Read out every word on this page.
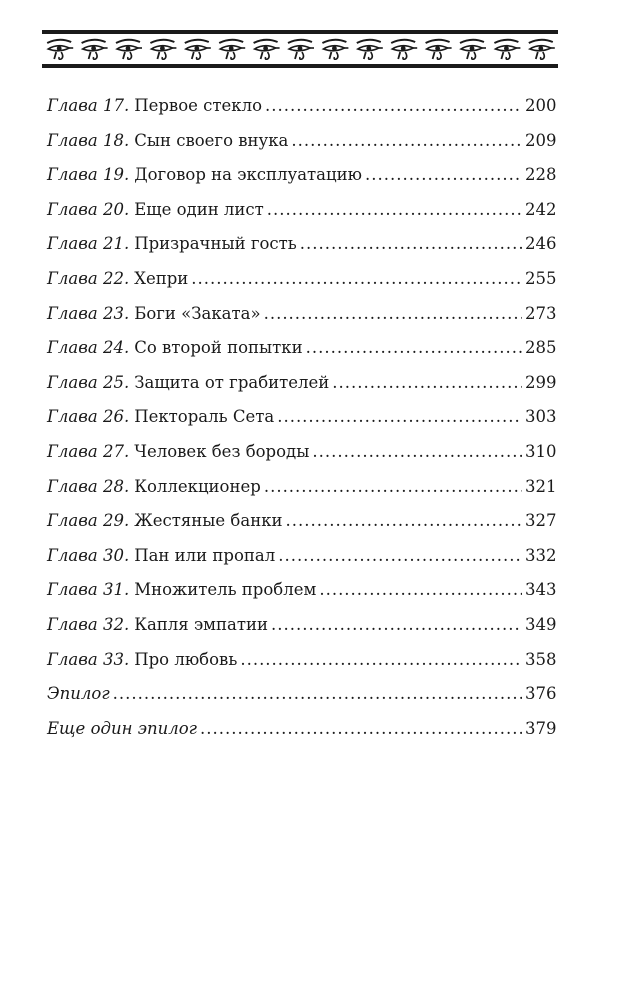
Глава 17. Первое стекло .....	200
Глава 18. Сын своего внука .....	209
Глава 19. Договор на эксплуатацию .....	228
Глава 20. Еще один лист .....	242
Глава 21. Призрачный гость .....	246
Глава 22. Хепри .....	255
Глава 23. Боги «Заката» .....	273
Глава 24. Со второй попытки .....	285
Глава 25. Защита от грабителей .....	299
Глава 26. Пектораль Сета .....	303
Глава 27. Человек без бороды .....	310
Глава 28. Коллекционер .....	321
Глава 29. Жестяные банки .....	327
Глава 30. Пан или пропал .....	332
Глава 31. Множитель проблем .....	343
Глава 32. Капля эмпатии .....	349
Глава 33. Про любовь .....	358
Эпилог .....	376
Еще один эпилог .....	379
